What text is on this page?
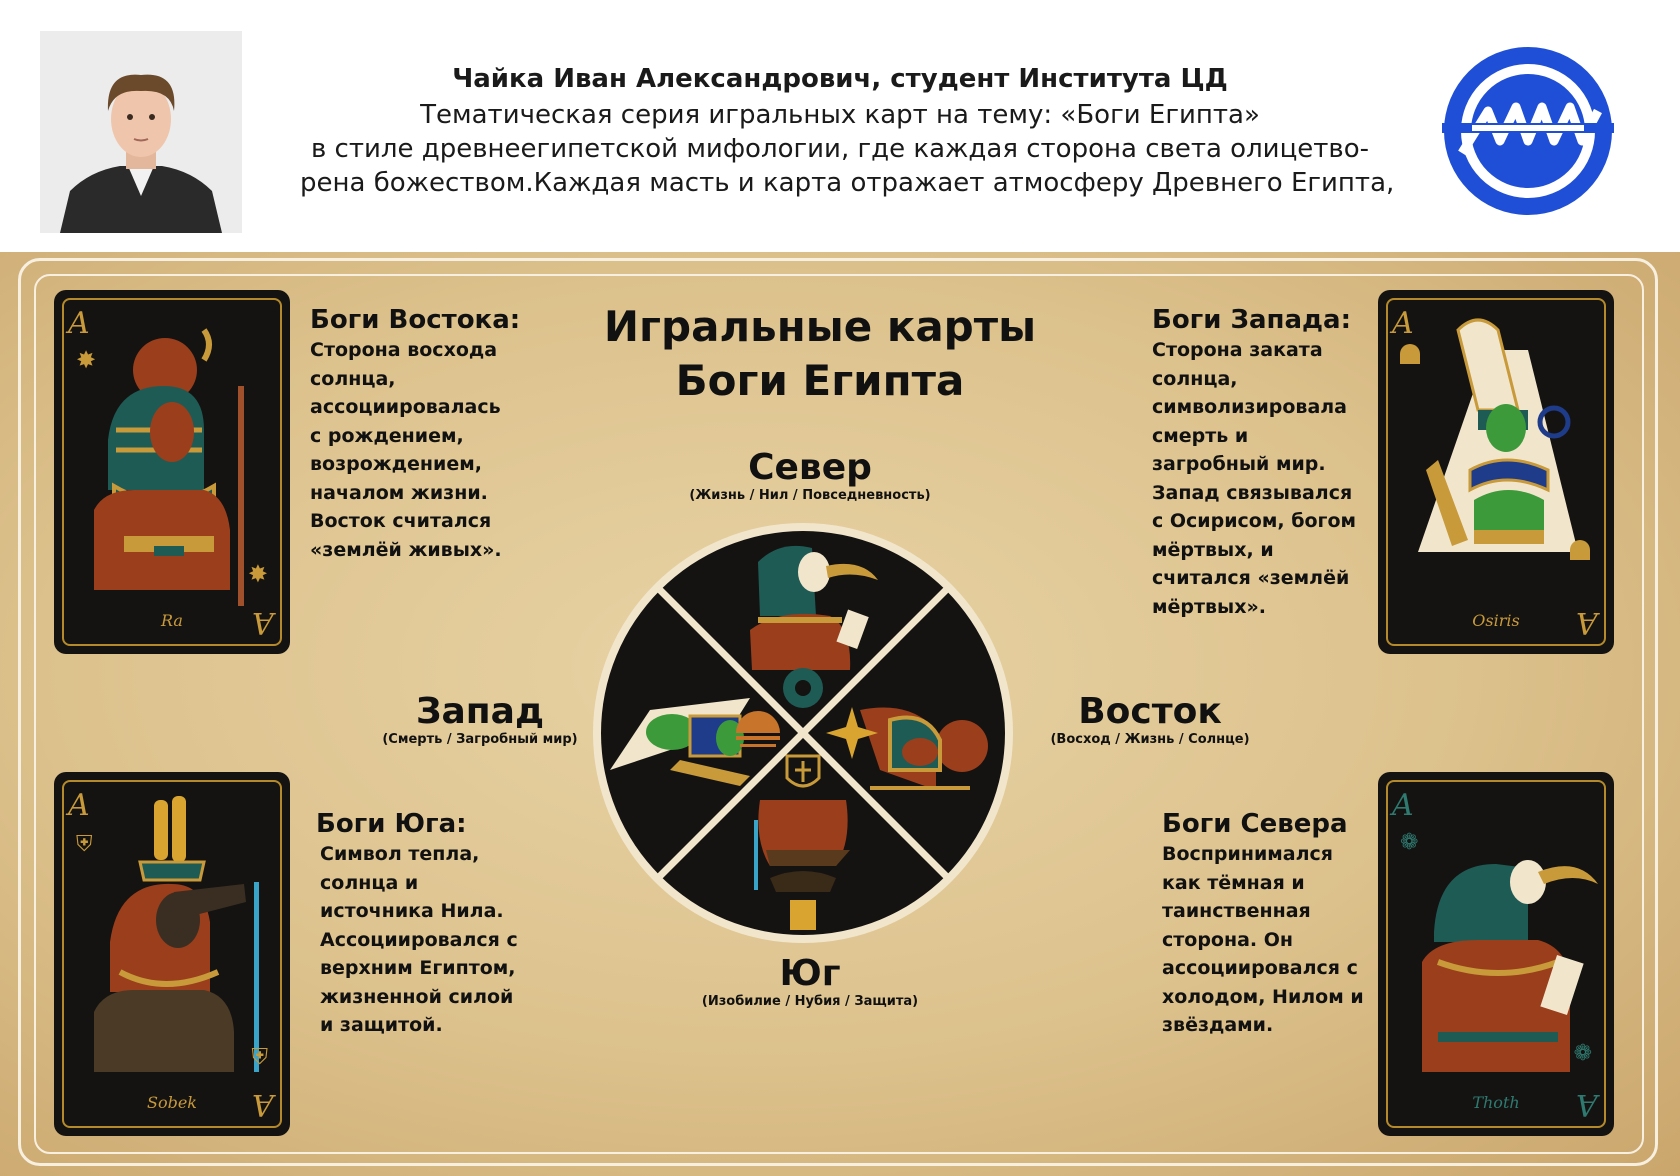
Чайка Иван Александрович, студент Института ЦД
Тематическая серия игральных карт на тему: «Боги Египта»
в стиле древнеегипетской мифологии, где каждая сторона света олицетво-
рена божеством.Каждая масть и карта отражает атмосферу Древнего Египта,
A
✸
✸
A
Ra
Боги Востока:
Сторона восхода
солнца,
ассоциировалась
с рождением,
возрождением,
началом жизни.
Восток считался
«землёй живых».
Игральные карты
Боги Египта
Боги Запада:
Сторона заката
солнца,
символизировала
смерть и
загробный мир.
Запад связывался
с Осирисом, богом
мёртвых, и
считался «землёй
мёртвых».
A
A
Osiris
Север
(Жизнь / Нил / Повседневность)
Запад
(Смерть / Загробный мир)
Восток
(Восход / Жизнь / Солнце)
Юг
(Изобилие / Нубия / Защита)
A
⛨
⛨
A
Sobek
Боги Юга:
Символ тепла,
солнца и
источника Нила.
Ассоциировался с
верхним Египтом,
жизненной силой
и защитой.
Боги Севера
Воспринимался
как тёмная и
таинственная
сторона. Он
ассоциировался с
холодом, Нилом и
звёздами.
A
❁
❁
A
Thoth
